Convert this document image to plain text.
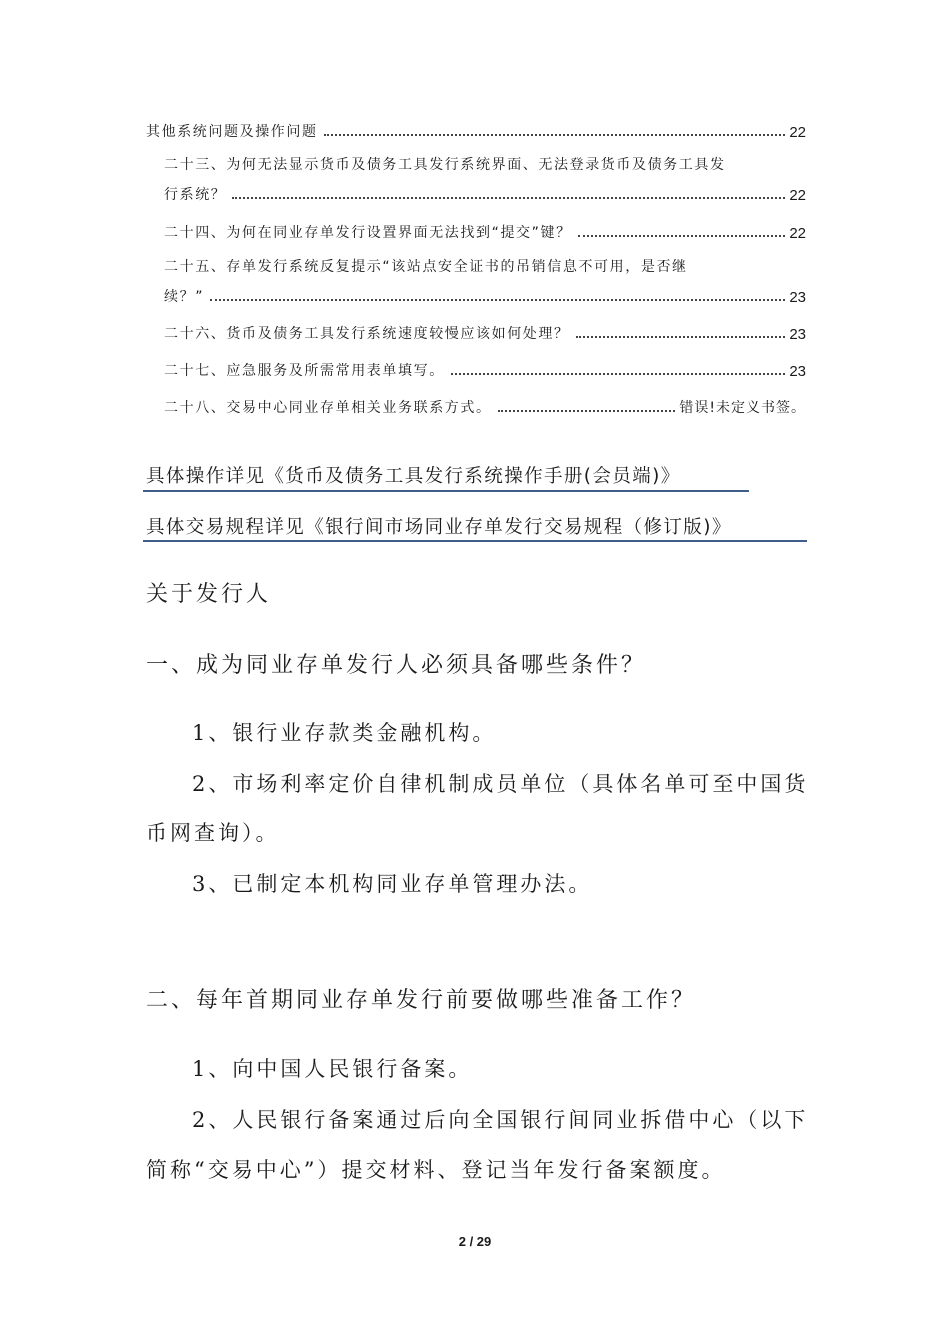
其他系统问题及操作问题	22
二十三、为何无法显示货币及债务工具发行系统界面、无法登录货币及债务工具发
行系统？	22
二十四、为何在同业存单发行设置界面无法找到“提交”键？	22
二十五、存单发行系统反复提示“该站点安全证书的吊销信息不可用，是否继
续？”	23
二十六、货币及债务工具发行系统速度较慢应该如何处理？	23
二十七、应急服务及所需常用表单填写。	23
二十八、交易中心同业存单相关业务联系方式。	错误!未定义书签。
具体操作详见《货币及债务工具发行系统操作手册(会员端)》
具体交易规程详见《银行间市场同业存单发行交易规程（修订版)》
关于发行人
一、成为同业存单发行人必须具备哪些条件？
1、银行业存款类金融机构。
2、市场利率定价自律机制成员单位（具体名单可至中国货
币网查询）。
3、已制定本机构同业存单管理办法。
二、每年首期同业存单发行前要做哪些准备工作？
1、向中国人民银行备案。
2、人民银行备案通过后向全国银行间同业拆借中心（以下
简称“交易中心”）提交材料、登记当年发行备案额度。
2 / 29
